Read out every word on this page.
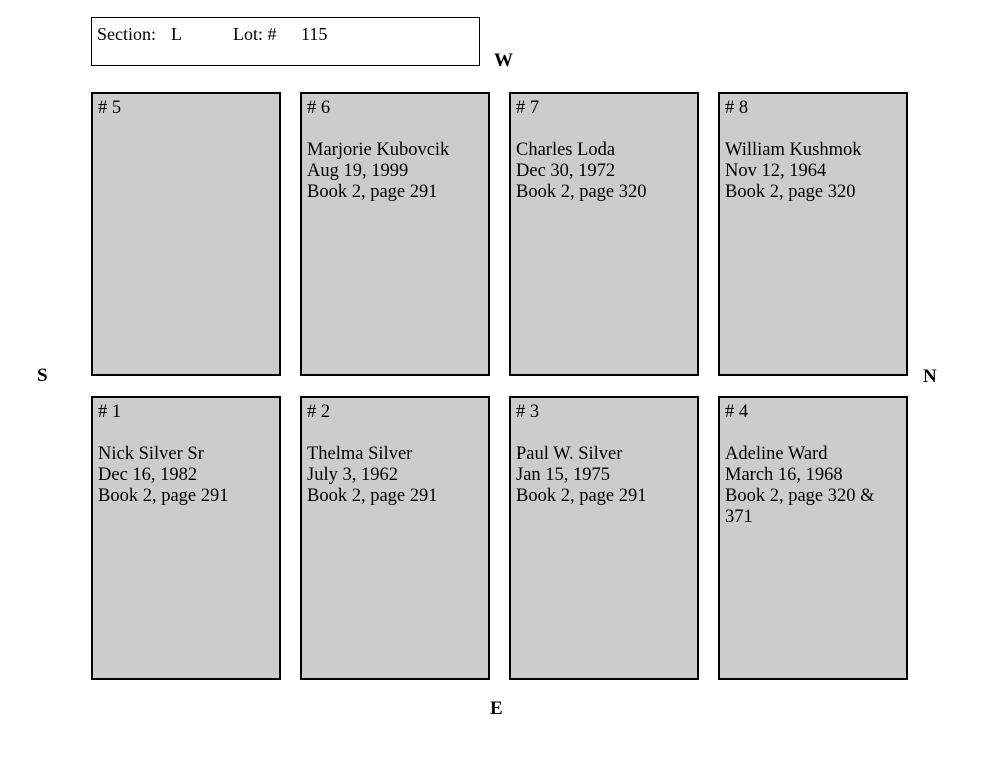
Section: L	Lot: # 115
W
E
S	N
# 5	# 6
Marjorie Kubovcik
Aug 19, 1999
Book 2, page 291
# 7
Charles Loda
Dec 30, 1972
Book 2, page 320
# 8
William Kushmok
Nov 12, 1964
Book 2, page 320
# 1
Nick Silver Sr
Dec 16, 1982
Book 2, page 291
# 2
Thelma Silver
July 3, 1962
Book 2, page 291
# 3
Paul W. Silver
Jan 15, 1975
Book 2, page 291
# 4
Adeline Ward
March 16, 1968
Book 2, page 320 & 371
